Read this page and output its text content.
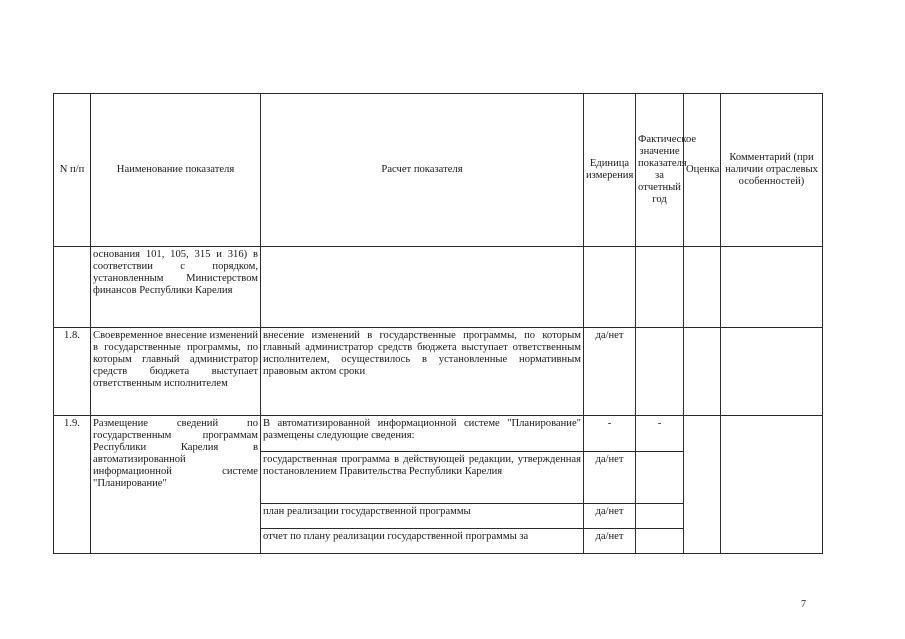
N п/п	Наименование показателя	Расчет показателя	Единица измерения	Фактическое значение показателя за отчетный год	Оценка	Комментарий (при наличии отраслевых особенностей)
	основания 101, 105, 315 и 316) в соответствии с порядком, установленным Министерством финансов Республики Карелия					
1.8.	Своевременное внесение изменений в государственные программы, по которым главный администратор средств бюджета выступает ответственным исполнителем	внесение изменений в государственные программы, по которым главный администратор средств бюджета выступает ответственным исполнителем, осуществилось в установленные нормативным правовым актом сроки	да/нет			
1.9.	Размещение сведений по государственным программам Республики Карелия в автоматизированной информационной системе "Планирование"	В автоматизированной информационной системе "Планирование" размещены следующие сведения:	-	-		
		государственная программа в действующей редакции, утвержденная постановлением Правительства Республики Карелия	да/нет			
		план реализации государственной программы	да/нет			
		отчет по плану реализации государственной программы за	да/нет			
7
